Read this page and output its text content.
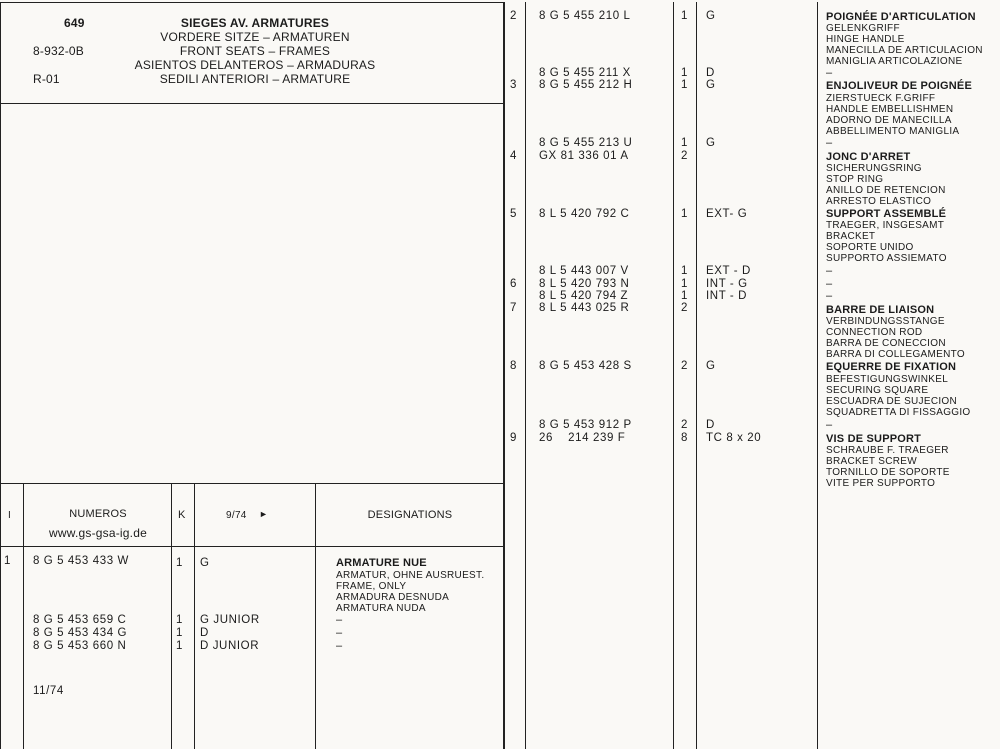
649
8-932-0B
R-01
SIEGES AV. ARMATURES
VORDERE SITZE – ARMATUREN
FRONT SEATS – FRAMES
ASIENTOS DELANTEROS – ARMADURAS
SEDILI ANTERIORI – ARMATURE
I	NUMEROS
www.gs-gsa-ig.de
K	9/74 ►	DESIGNATIONS
1 8 G 5 453 433 W	1 G	ARMATURE NUE
ARMATUR, OHNE AUSRUEST.
FRAME, ONLY
ARMADURA DESNUDA
ARMATURA NUDA
8 G 5 453 659 C	1 G JUNIOR	–
8 G 5 453 434 G	1 D	–
8 G 5 453 660 N	1 D JUNIOR	–
11/74
2 8 G 5 455 210 L	1 G	POIGNÉE D'ARTICULATION
GELENKGRIFF
HINGE HANDLE
MANECILLA DE ARTICULACION
MANIGLIA ARTICOLAZIONE
8 G 5 455 211 X	1 D	–
3 8 G 5 455 212 H	1 G	ENJOLIVEUR DE POIGNÉE
ZIERSTUECK F.GRIFF
HANDLE EMBELLISHMEN
ADORNO DE MANECILLA
ABBELLIMENTO MANIGLIA
8 G 5 455 213 U	1 G	–
4 GX 81 336 01 A	2	JONC D'ARRET
SICHERUNGSRING
STOP RING
ANILLO DE RETENCION
ARRESTO ELASTICO
5 8 L 5 420 792 C	1 EXT- G	SUPPORT ASSEMBLÉ
TRAEGER, INSGESAMT
BRACKET
SOPORTE UNIDO
SUPPORTO ASSIEMATO
8 L 5 443 007 V	1 EXT - D	–
6 8 L 5 420 793 N	1 INT - G	–
8 L 5 420 794 Z	1 INT - D	–
7 8 L 5 443 025 R	2	BARRE DE LIAISON
VERBINDUNGSSTANGE
CONNECTION ROD
BARRA DE CONECCION
BARRA DI COLLEGAMENTO
8 8 G 5 453 428 S	2 G	EQUERRE DE FIXATION
BEFESTIGUNGSWINKEL
SECURING SQUARE
ESCUADRA DE SUJECION
SQUADRETTA DI FISSAGGIO
8 G 5 453 912 P	2 D	–
9 26    214 239 F	8 TC 8 x 20	VIS DE SUPPORT
SCHRAUBE F. TRAEGER
BRACKET SCREW
TORNILLO DE SOPORTE
VITE PER SUPPORTO
